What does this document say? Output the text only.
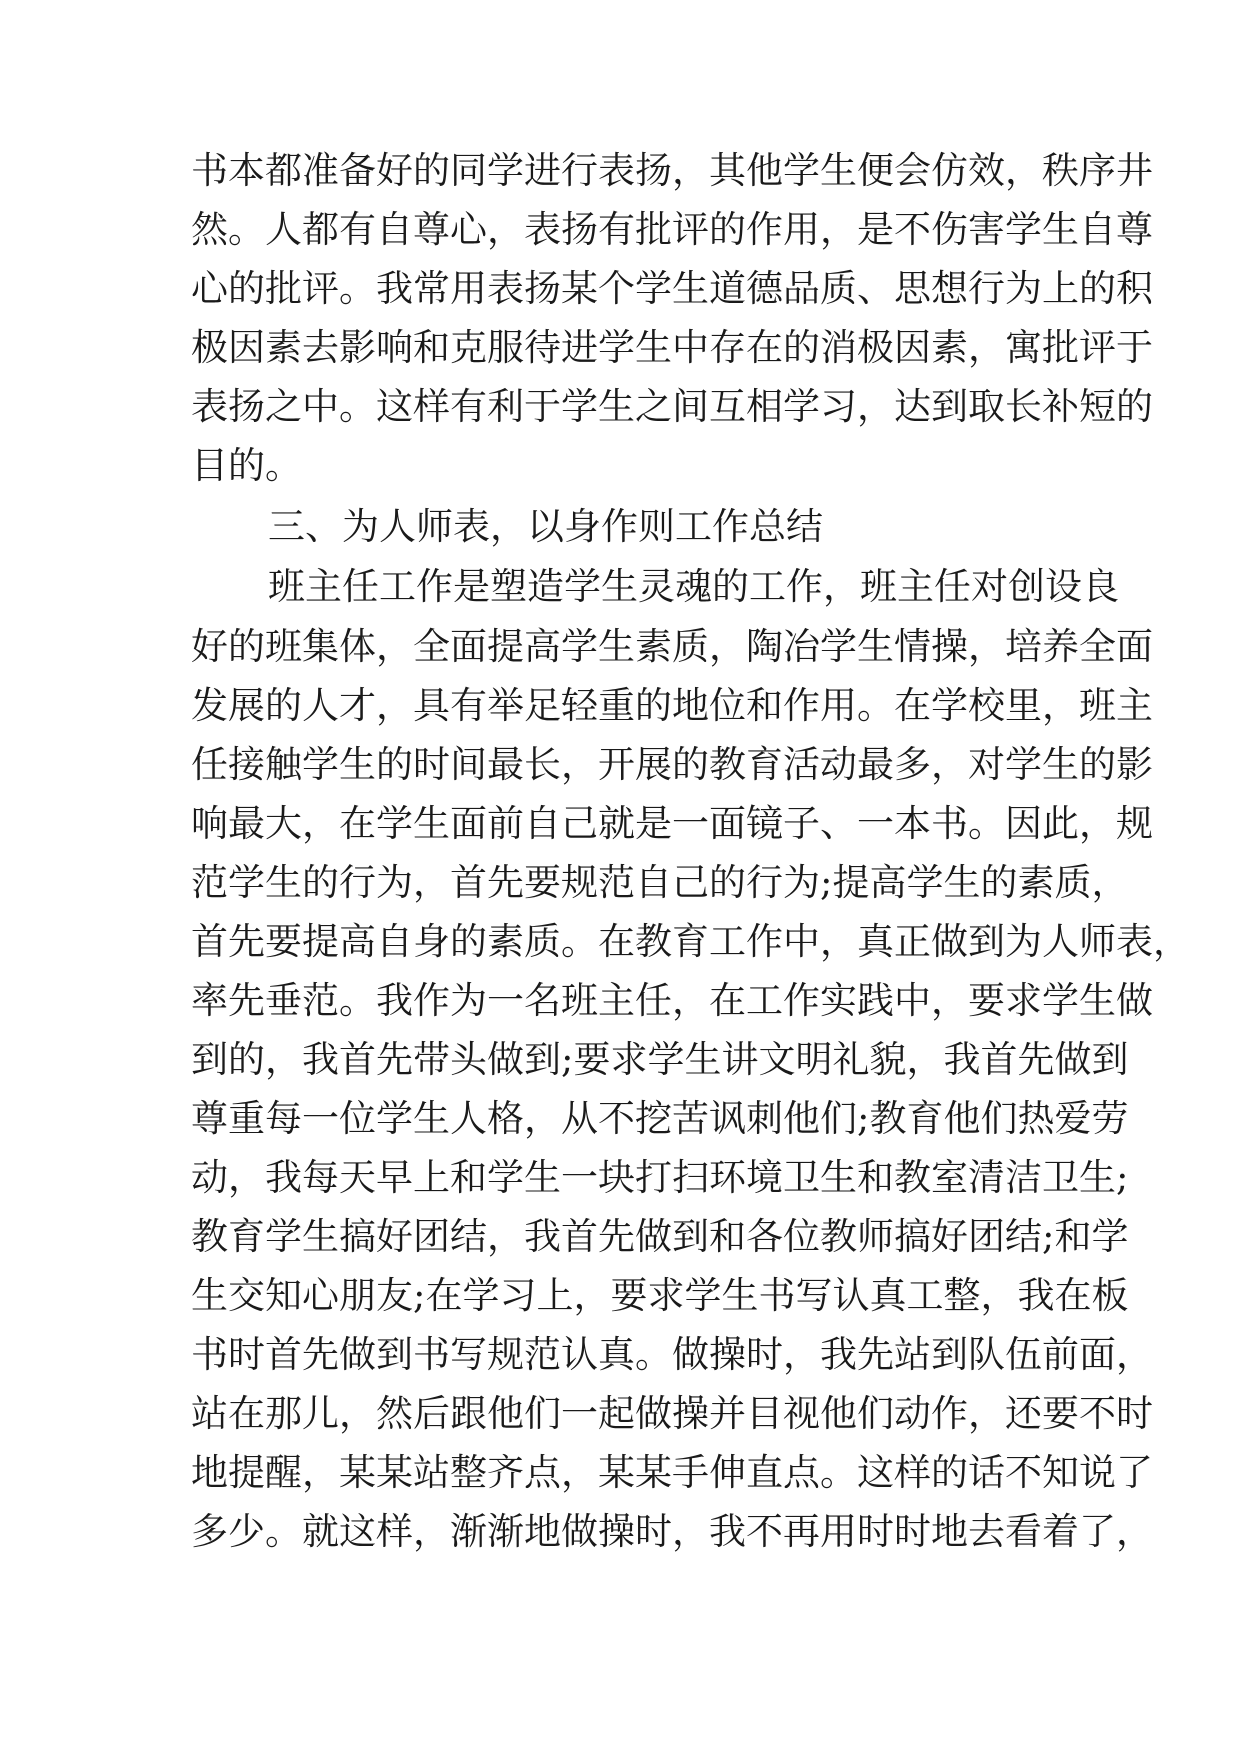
书本都准备好的同学进行表扬，其他学生便会仿效，秩序井
然。人都有自尊心，表扬有批评的作用，是不伤害学生自尊
心的批评。我常用表扬某个学生道德品质、思想行为上的积
极因素去影响和克服待进学生中存在的消极因素，寓批评于
表扬之中。这样有利于学生之间互相学习，达到取长补短的
目的。
三、为人师表，以身作则工作总结
班主任工作是塑造学生灵魂的工作，班主任对创设良
好的班集体，全面提高学生素质，陶冶学生情操，培养全面
发展的人才，具有举足轻重的地位和作用。在学校里，班主
任接触学生的时间最长，开展的教育活动最多，对学生的影
响最大，在学生面前自己就是一面镜子、一本书。因此，规
范学生的行为，首先要规范自己的行为;提高学生的素质，
首先要提高自身的素质。在教育工作中，真正做到为人师表，
率先垂范。我作为一名班主任，在工作实践中，要求学生做
到的，我首先带头做到;要求学生讲文明礼貌，我首先做到
尊重每一位学生人格，从不挖苦讽刺他们;教育他们热爱劳
动，我每天早上和学生一块打扫环境卫生和教室清洁卫生;
教育学生搞好团结，我首先做到和各位教师搞好团结;和学
生交知心朋友;在学习上，要求学生书写认真工整，我在板
书时首先做到书写规范认真。做操时，我先站到队伍前面，
站在那儿，然后跟他们一起做操并目视他们动作，还要不时
地提醒，某某站整齐点，某某手伸直点。这样的话不知说了
多少。就这样，渐渐地做操时，我不再用时时地去看着了，
